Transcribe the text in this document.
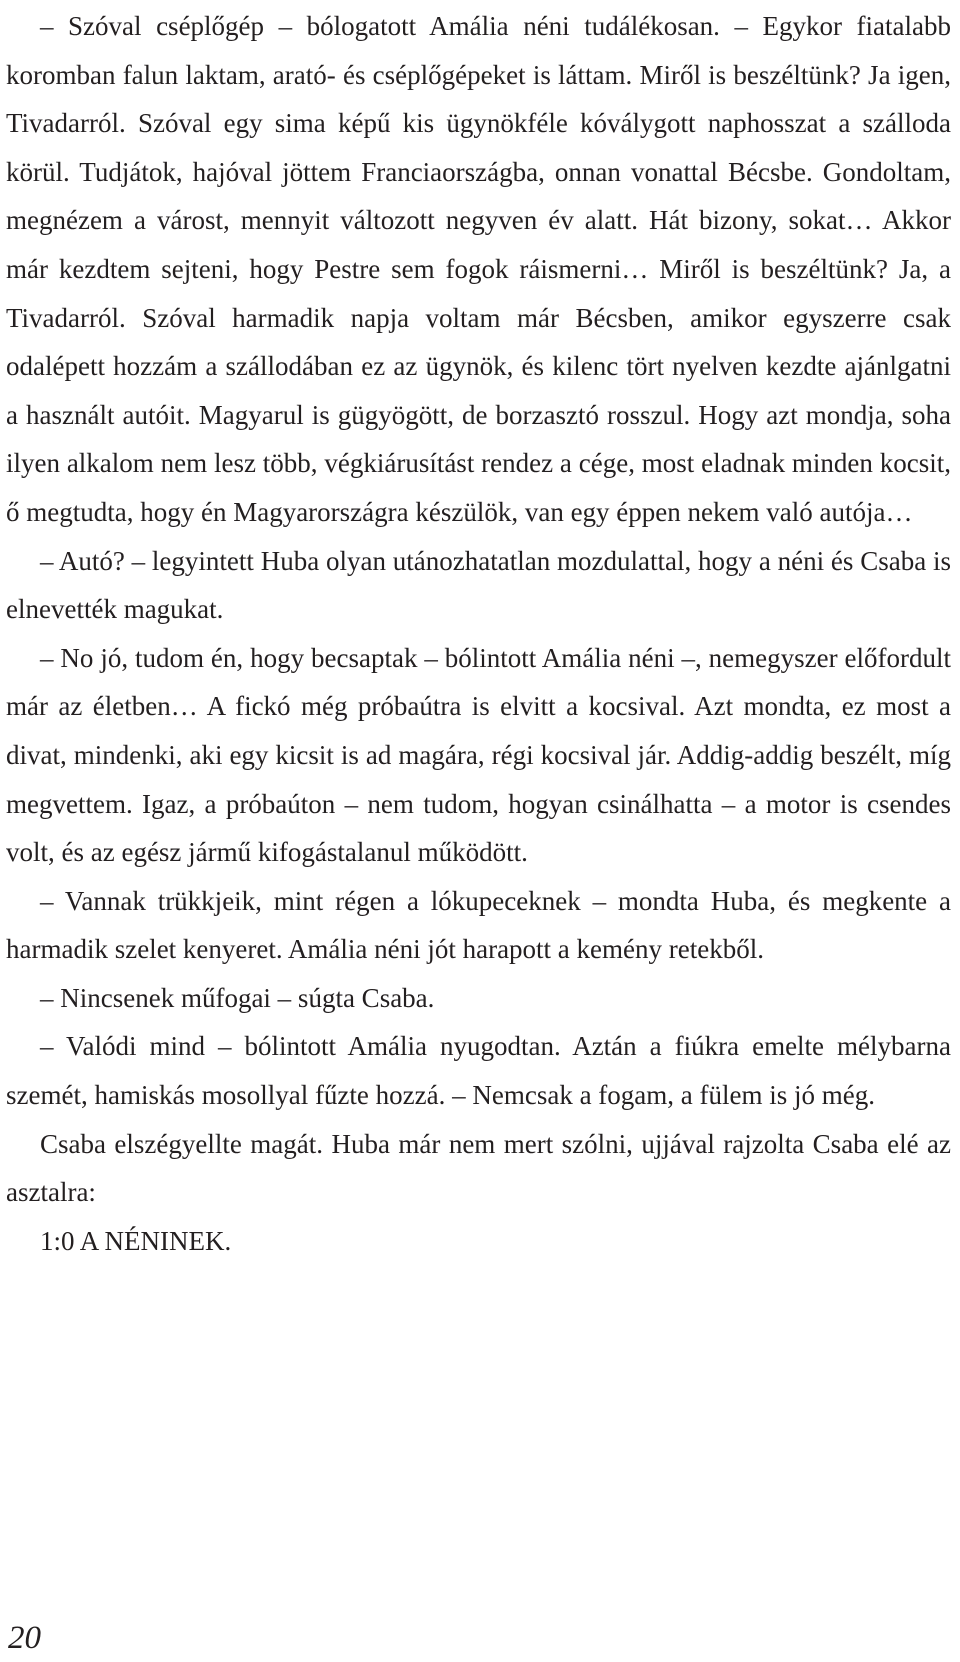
– Szóval cséplőgép – bólogatott Amália néni tudálékosan. – Egykor fiatalabb koromban falun laktam, arató- és cséplőgépeket is láttam. Miről is beszéltünk? Ja igen, Tivadarról. Szóval egy sima képű kis ügynökféle kóválygott naphosszat a szálloda körül. Tudjátok, hajóval jöttem Franciaországba, onnan vonattal Bécsbe. Gondoltam, megnézem a várost, mennyit változott negyven év alatt. Hát bizony, sokat… Akkor már kezdtem sejteni, hogy Pestre sem fogok ráismerni… Miről is beszéltünk? Ja, a Tivadarról. Szóval harmadik napja voltam már Bécsben, amikor egyszerre csak odalépett hozzám a szállodában ez az ügynök, és kilenc tört nyelven kezdte ajánlgatni a használt autóit. Magyarul is gügyögött, de borzasztó rosszul. Hogy azt mondja, soha ilyen alkalom nem lesz több, végkiárusítást rendez a cége, most eladnak minden kocsit, ő megtudta, hogy én Magyarországra készülök, van egy éppen nekem való autója…

– Autó? – legyintett Huba olyan utánozhatatlan mozdulattal, hogy a néni és Csaba is elnevették magukat.

– No jó, tudom én, hogy becsaptak – bólintott Amália néni –, nemegyszer előfordult már az életben… A fickó még próbaútra is elvitt a kocsival. Azt mondta, ez most a divat, mindenki, aki egy kicsit is ad magára, régi kocsival jár. Addig-addig beszélt, míg megvettem. Igaz, a próbaúton – nem tudom, hogyan csinálhatta – a motor is csendes volt, és az egész jármű kifogástalanul működött.

– Vannak trükkjeik, mint régen a lókupeceknek – mondta Huba, és megkente a harmadik szelet kenyeret. Amália néni jót harapott a kemény retekből.

– Nincsenek műfogai – súgta Csaba.

– Valódi mind – bólintott Amália nyugodtan. Aztán a fiúkra emelte mélybarna szemét, hamiskás mosollyal fűzte hozzá. – Nemcsak a fogam, a fülem is jó még.

Csaba elszégyellte magát. Huba már nem mert szólni, ujjával rajzolta Csaba elé az asztalra:

1:0 A NÉNINEK.

20
